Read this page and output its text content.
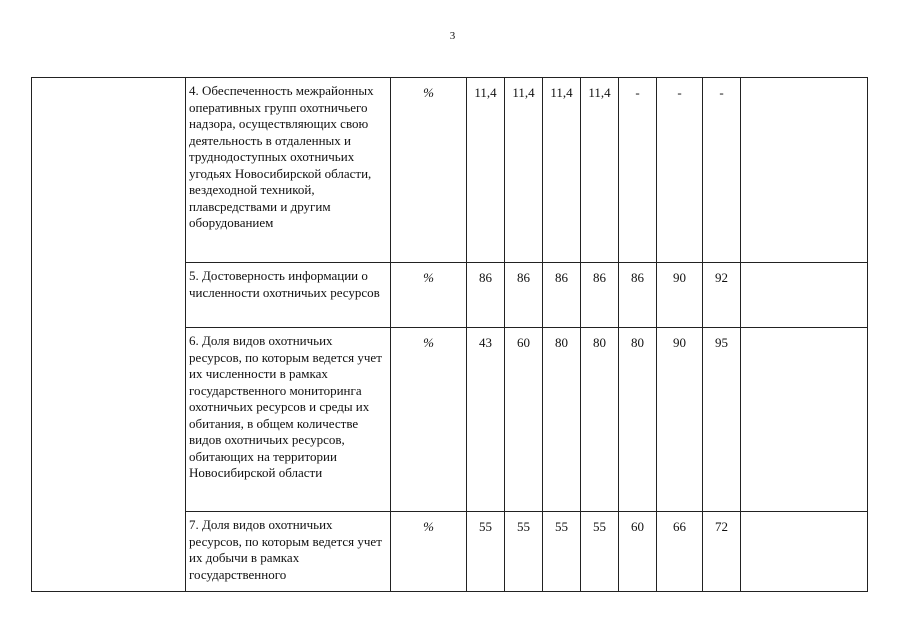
3
	4. Обеспеченность межрайонных оперативных групп охотничьего надзора, осуществляющих свою деятельность в отдаленных и труднодоступных охотничьих угодьях Новосибирской области, вездеходной техникой, плавсредствами и другим оборудованием	%	11,4	11,4	11,4	11,4	-	-	-	
	5. Достоверность информации о численности охотничьих ресурсов	%	86	86	86	86	86	90	92	
	6. Доля видов охотничьих ресурсов, по которым ведется учет их численности в рамках государственного мониторинга охотничьих ресурсов и среды их обитания, в общем количестве видов охотничьих ресурсов, обитающих на территории Новосибирской области	%	43	60	80	80	80	90	95	
	7. Доля видов охотничьих ресурсов, по которым ведется учет их добычи в рамках государственного	%	55	55	55	55	60	66	72	
